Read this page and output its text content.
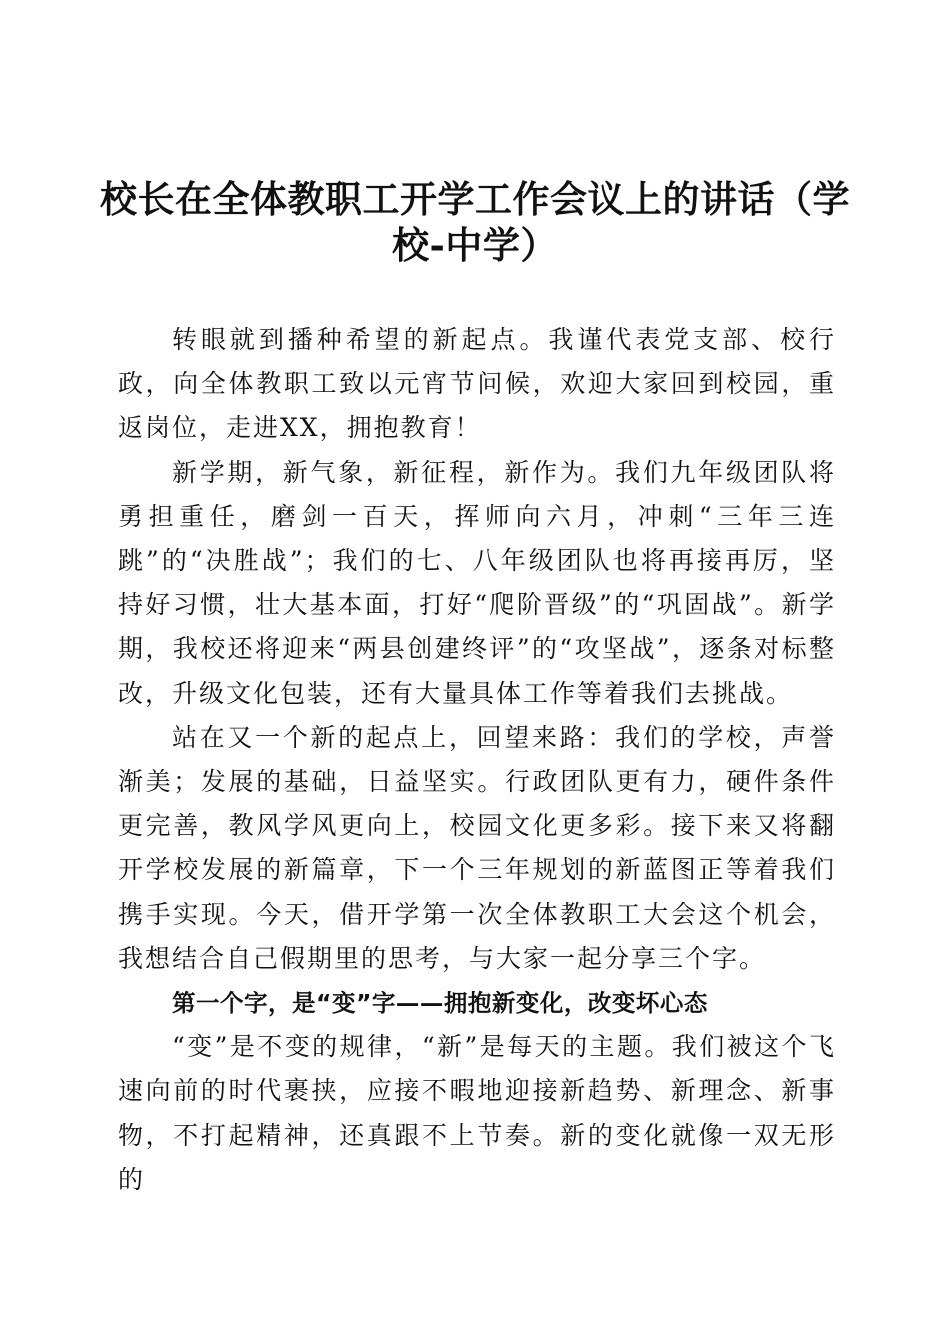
校长在全体教职工开学工作会议上的讲话（学
校-中学）

转眼就到播种希望的新起点。我谨代表党支部、校行政，向全体教职工致以元宵节问候，欢迎大家回到校园，重返岗位，走进XX，拥抱教育！

新学期，新气象，新征程，新作为。我们九年级团队将勇担重任，磨剑一百天，挥师向六月，冲刺“三年三连跳”的“决胜战”；我们的七、八年级团队也将再接再厉，坚持好习惯，壮大基本面，打好“爬阶晋级”的“巩固战”。新学期，我校还将迎来“两县创建终评”的“攻坚战”，逐条对标整改，升级文化包装，还有大量具体工作等着我们去挑战。

站在又一个新的起点上，回望来路：我们的学校，声誉渐美；发展的基础，日益坚实。行政团队更有力，硬件条件更完善，教风学风更向上，校园文化更多彩。接下来又将翻开学校发展的新篇章，下一个三年规划的新蓝图正等着我们携手实现。今天，借开学第一次全体教职工大会这个机会，我想结合自己假期里的思考，与大家一起分享三个字。

第一个字，是“变”字——拥抱新变化，改变坏心态

“变”是不变的规律，“新”是每天的主题。我们被这个飞速向前的时代裹挟，应接不暇地迎接新趋势、新理念、新事物，不打起精神，还真跟不上节奏。新的变化就像一双无形的
